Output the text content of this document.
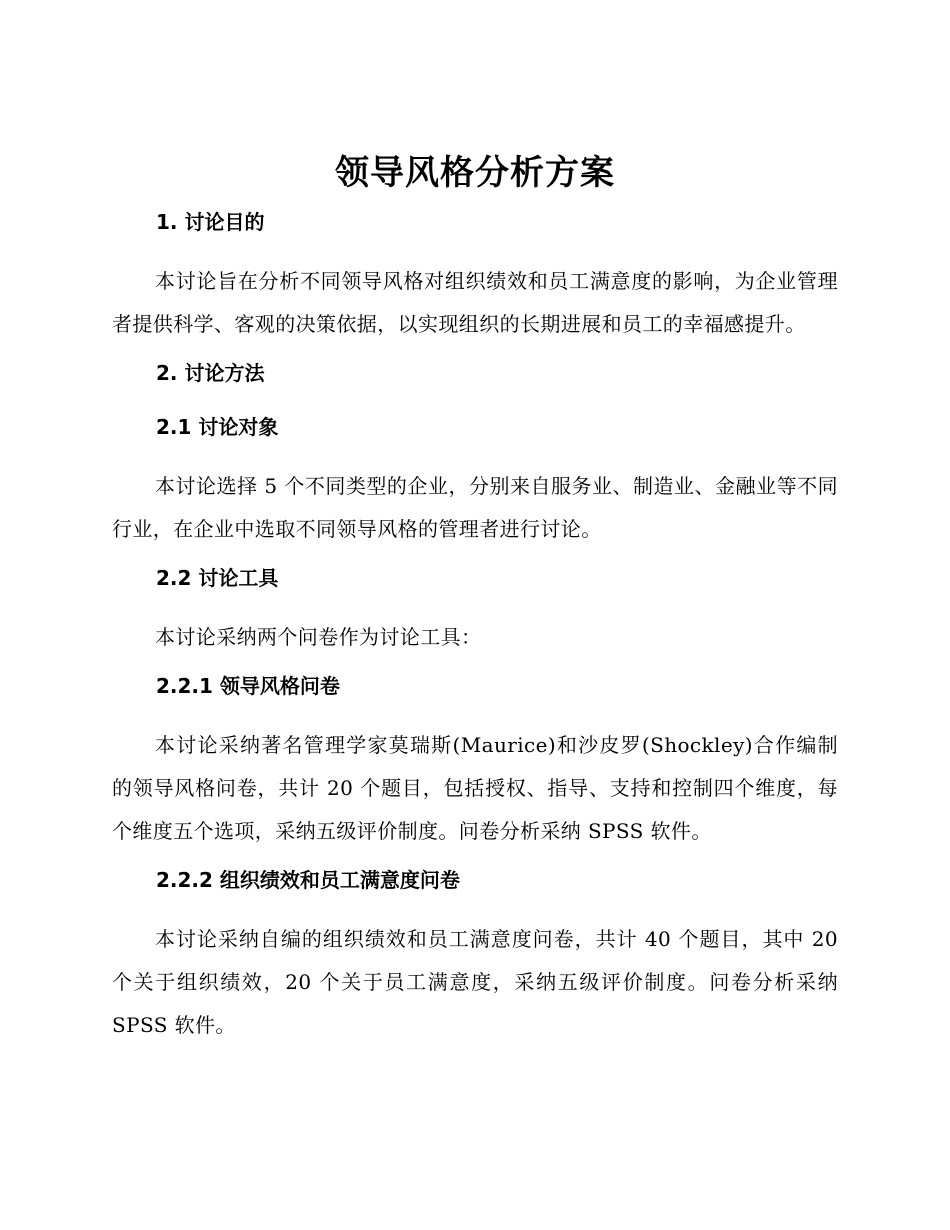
领导风格分析方案
1. 讨论目的

本讨论旨在分析不同领导风格对组织绩效和员工满意度的影响，为企业管理者提供科学、客观的决策依据，以实现组织的长期进展和员工的幸福感提升。

2. 讨论方法
2.1 讨论对象

本讨论选择 5 个不同类型的企业，分别来自服务业、制造业、金融业等不同行业，在企业中选取不同领导风格的管理者进行讨论。

2.2 讨论工具

本讨论采纳两个问卷作为讨论工具：

2.2.1 领导风格问卷

本讨论采纳著名管理学家莫瑞斯(Maurice)和沙皮罗(Shockley)合作编制的领导风格问卷，共计 20 个题目，包括授权、指导、支持和控制四个维度，每个维度五个选项，采纳五级评价制度。问卷分析采纳 SPSS 软件。

2.2.2 组织绩效和员工满意度问卷

本讨论采纳自编的组织绩效和员工满意度问卷，共计 40 个题目，其中 20 个关于组织绩效，20 个关于员工满意度，采纳五级评价制度。问卷分析采纳 SPSS 软件。
